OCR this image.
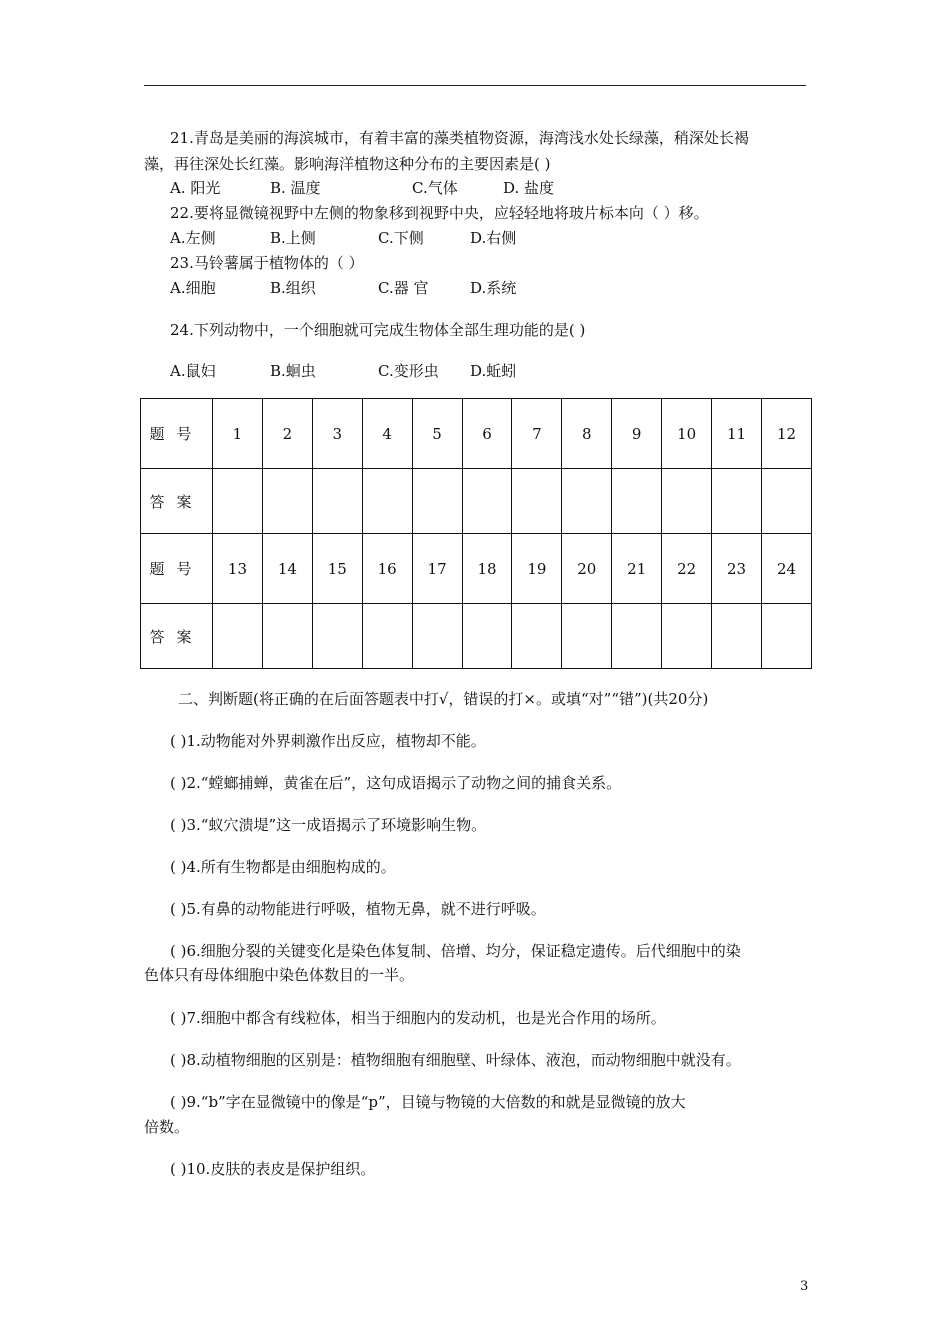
21.青岛是美丽的海滨城市，有着丰富的藻类植物资源，海湾浅水处长绿藻，稍深处长褐
藻，再往深处长红藻。影响海洋植物这种分布的主要因素是( )
A. 阳光	B. 温度	C.气体	D. 盐度
22.要将显微镜视野中左侧的物象移到视野中央，应轻轻地将玻片标本向（ ）移。
A.左侧	B.上侧	C.下侧	D.右侧
23.马铃薯属于植物体的（ ）
A.细胞	B.组织	C.器 官	D.系统
24.下列动物中，一个细胞就可完成生物体全部生理功能的是( )
A.鼠妇	B.蛔虫	C.变形虫 D.蚯蚓
题号	1	2	3	4	5	6	7	8	9	10	11	12
答案												
题号	13	14	15	16	17	18	19	20	21	22	23	24
答案												
二、判断题(将正确的在后面答题表中打√，错误的打×。或填“对”“错”)(共20分)
( )1.动物能对外界刺激作出反应，植物却不能。
( )2.“螳螂捕蝉，黄雀在后”，这句成语揭示了动物之间的捕食关系。
( )3.“蚁穴溃堤”这一成语揭示了环境影响生物。
( )4.所有生物都是由细胞构成的。
( )5.有鼻的动物能进行呼吸，植物无鼻，就不进行呼吸。
( )6.细胞分裂的关键变化是染色体复制、倍增、均分，保证稳定遗传。后代细胞中的染
色体只有母体细胞中染色体数目的一半。
( )7.细胞中都含有线粒体，相当于细胞内的发动机，也是光合作用的场所。
( )8.动植物细胞的区别是：植物细胞有细胞壁、叶绿体、液泡，而动物细胞中就没有。
( )9.“b”字在显微镜中的像是“p”，目镜与物镜的大倍数的和就是显微镜的放大
倍数。
( )10.皮肤的表皮是保护组织。
3
